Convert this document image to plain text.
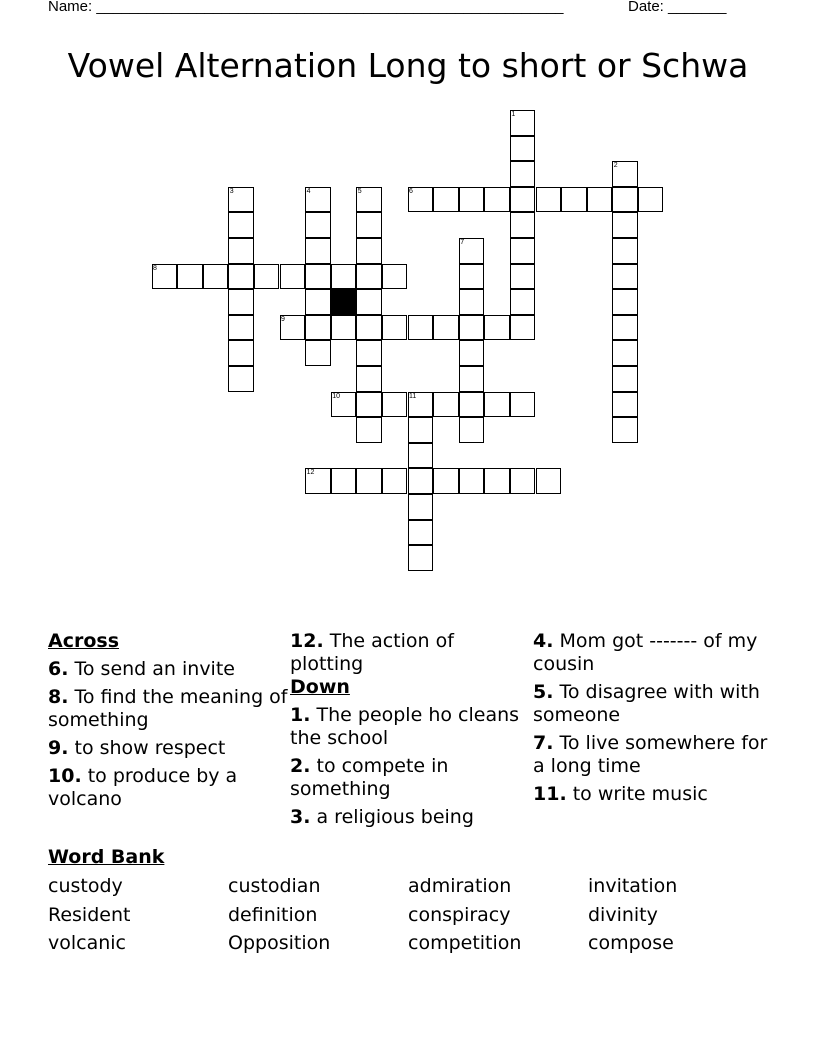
Name: ________________________________________________________	Date: _______
Vowel Alternation Long to short or Schwa
1
2
3	4	5	6
7
8
9
10	11
12
Across
6. To send an invite
8. To find the meaning of something
9. to show respect
10. to produce by a volcano
12. The action of plotting
Down
1. The people ho cleans the school
2. to compete in something
3. a religious being
4. Mom got ------- of my cousin
5. To disagree with with someone
7. To live somewhere for a long time
11. to write music
Word Bank
custody	custodian	admiration	invitation
Resident	definition	conspiracy	divinity
volcanic	Opposition	competition	compose
